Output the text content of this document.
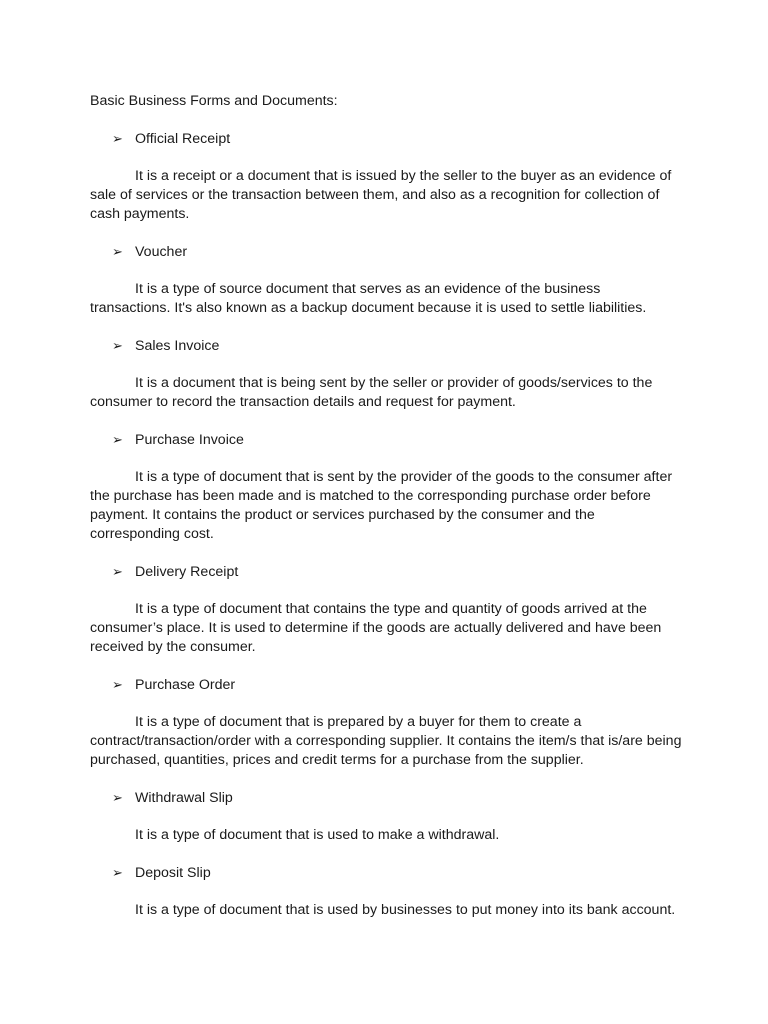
Basic Business Forms and Documents:

➢ Official Receipt

It is a receipt or a document that is issued by the seller to the buyer as an evidence of sale of services or the transaction between them, and also as a recognition for collection of cash payments.

➢ Voucher

It is a type of source document that serves as an evidence of the business transactions. It's also known as a backup document because it is used to settle liabilities.

➢ Sales Invoice

It is a document that is being sent by the seller or provider of goods/services to the consumer to record the transaction details and request for payment.

➢ Purchase Invoice

It is a type of document that is sent by the provider of the goods to the consumer after the purchase has been made and is matched to the corresponding purchase order before payment. It contains the product or services purchased by the consumer and the corresponding cost.

➢ Delivery Receipt

It is a type of document that contains the type and quantity of goods arrived at the consumer’s place. It is used to determine if the goods are actually delivered and have been received by the consumer.

➢ Purchase Order

It is a type of document that is prepared by a buyer for them to create a contract/transaction/order with a corresponding supplier. It contains the item/s that is/are being purchased, quantities, prices and credit terms for a purchase from the supplier.

➢ Withdrawal Slip

It is a type of document that is used to make a withdrawal.

➢ Deposit Slip

It is a type of document that is used by businesses to put money into its bank account.
